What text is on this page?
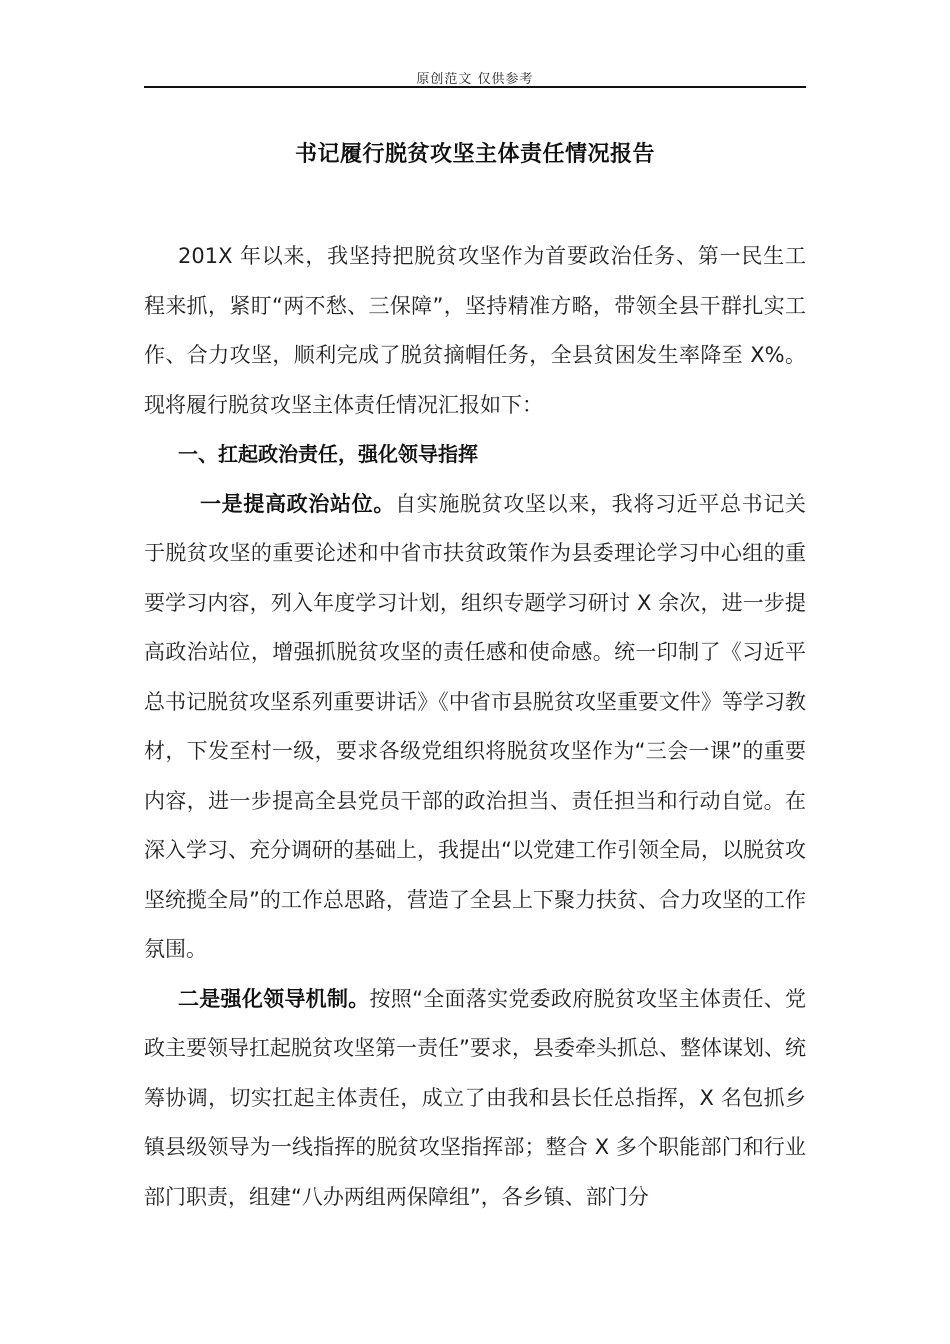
原创范文 仅供参考
书记履行脱贫攻坚主体责任情况报告

201X 年以来，我坚持把脱贫攻坚作为首要政治任务、第一民生工程来抓，紧盯“两不愁、三保障”，坚持精准方略，带领全县干群扎实工作、合力攻坚，顺利完成了脱贫摘帽任务，全县贫困发生率降至 X%。现将履行脱贫攻坚主体责任情况汇报如下：

一、扛起政治责任，强化领导指挥

一是提高政治站位。自实施脱贫攻坚以来，我将习近平总书记关于脱贫攻坚的重要论述和中省市扶贫政策作为县委理论学习中心组的重要学习内容，列入年度学习计划，组织专题学习研讨 X 余次，进一步提高政治站位，增强抓脱贫攻坚的责任感和使命感。统一印制了《习近平总书记脱贫攻坚系列重要讲话》《中省市县脱贫攻坚重要文件》等学习教材，下发至村一级，要求各级党组织将脱贫攻坚作为“三会一课”的重要内容，进一步提高全县党员干部的政治担当、责任担当和行动自觉。在深入学习、充分调研的基础上，我提出“以党建工作引领全局，以脱贫攻坚统揽全局”的工作总思路，营造了全县上下聚力扶贫、合力攻坚的工作氛围。

二是强化领导机制。按照“全面落实党委政府脱贫攻坚主体责任、党政主要领导扛起脱贫攻坚第一责任”要求，县委牵头抓总、整体谋划、统筹协调，切实扛起主体责任，成立了由我和县长任总指挥，X 名包抓乡镇县级领导为一线指挥的脱贫攻坚指挥部；整合 X 多个职能部门和行业部门职责，组建“八办两组两保障组”，各乡镇、部门分
